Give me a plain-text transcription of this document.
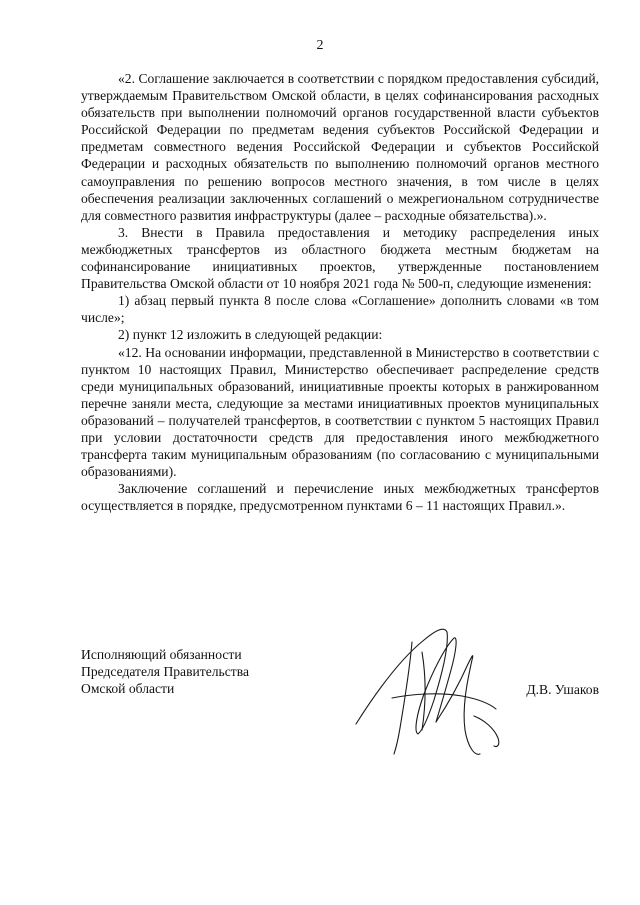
2

«2. Соглашение заключается в соответствии с порядком предоставления субсидий, утверждаемым Правительством Омской области, в целях софинансирования расходных обязательств при выполнении полномочий органов государственной власти субъектов Российской Федерации по предметам ведения субъектов Российской Федерации и предметам совместного ведения Российской Федерации и субъектов Российской Федерации и расходных обязательств по выполнению полномочий органов местного самоуправления по решению вопросов местного значения, в том числе в целях обеспечения реализации заключенных соглашений о межрегиональном сотрудничестве для совместного развития инфраструктуры (далее – расходные обязательства).».

3. Внести в Правила предоставления и методику распределения иных межбюджетных трансфертов из областного бюджета местным бюджетам на софинансирование инициативных проектов, утвержденные постановлением Правительства Омской области от 10 ноября 2021 года № 500-п, следующие изменения:

1) абзац первый пункта 8 после слова «Соглашение» дополнить словами «в том числе»;

2) пункт 12 изложить в следующей редакции:

«12. На основании информации, представленной в Министерство в соответствии с пунктом 10 настоящих Правил, Министерство обеспечивает распределение средств среди муниципальных образований, инициативные проекты которых в ранжированном перечне заняли места, следующие за местами инициативных проектов муниципальных образований – получателей трансфертов, в соответствии с пунктом 5 настоящих Правил при условии достаточности средств для предоставления иного межбюджетного трансферта таким муниципальным образованиям (по согласованию с муниципальными образованиями).

Заключение соглашений и перечисление иных межбюджетных трансфертов осуществляется в порядке, предусмотренном пунктами 6 – 11 настоящих Правил.».

Исполняющий обязанности
Председателя Правительства
Омской области	Д.В. Ушаков
